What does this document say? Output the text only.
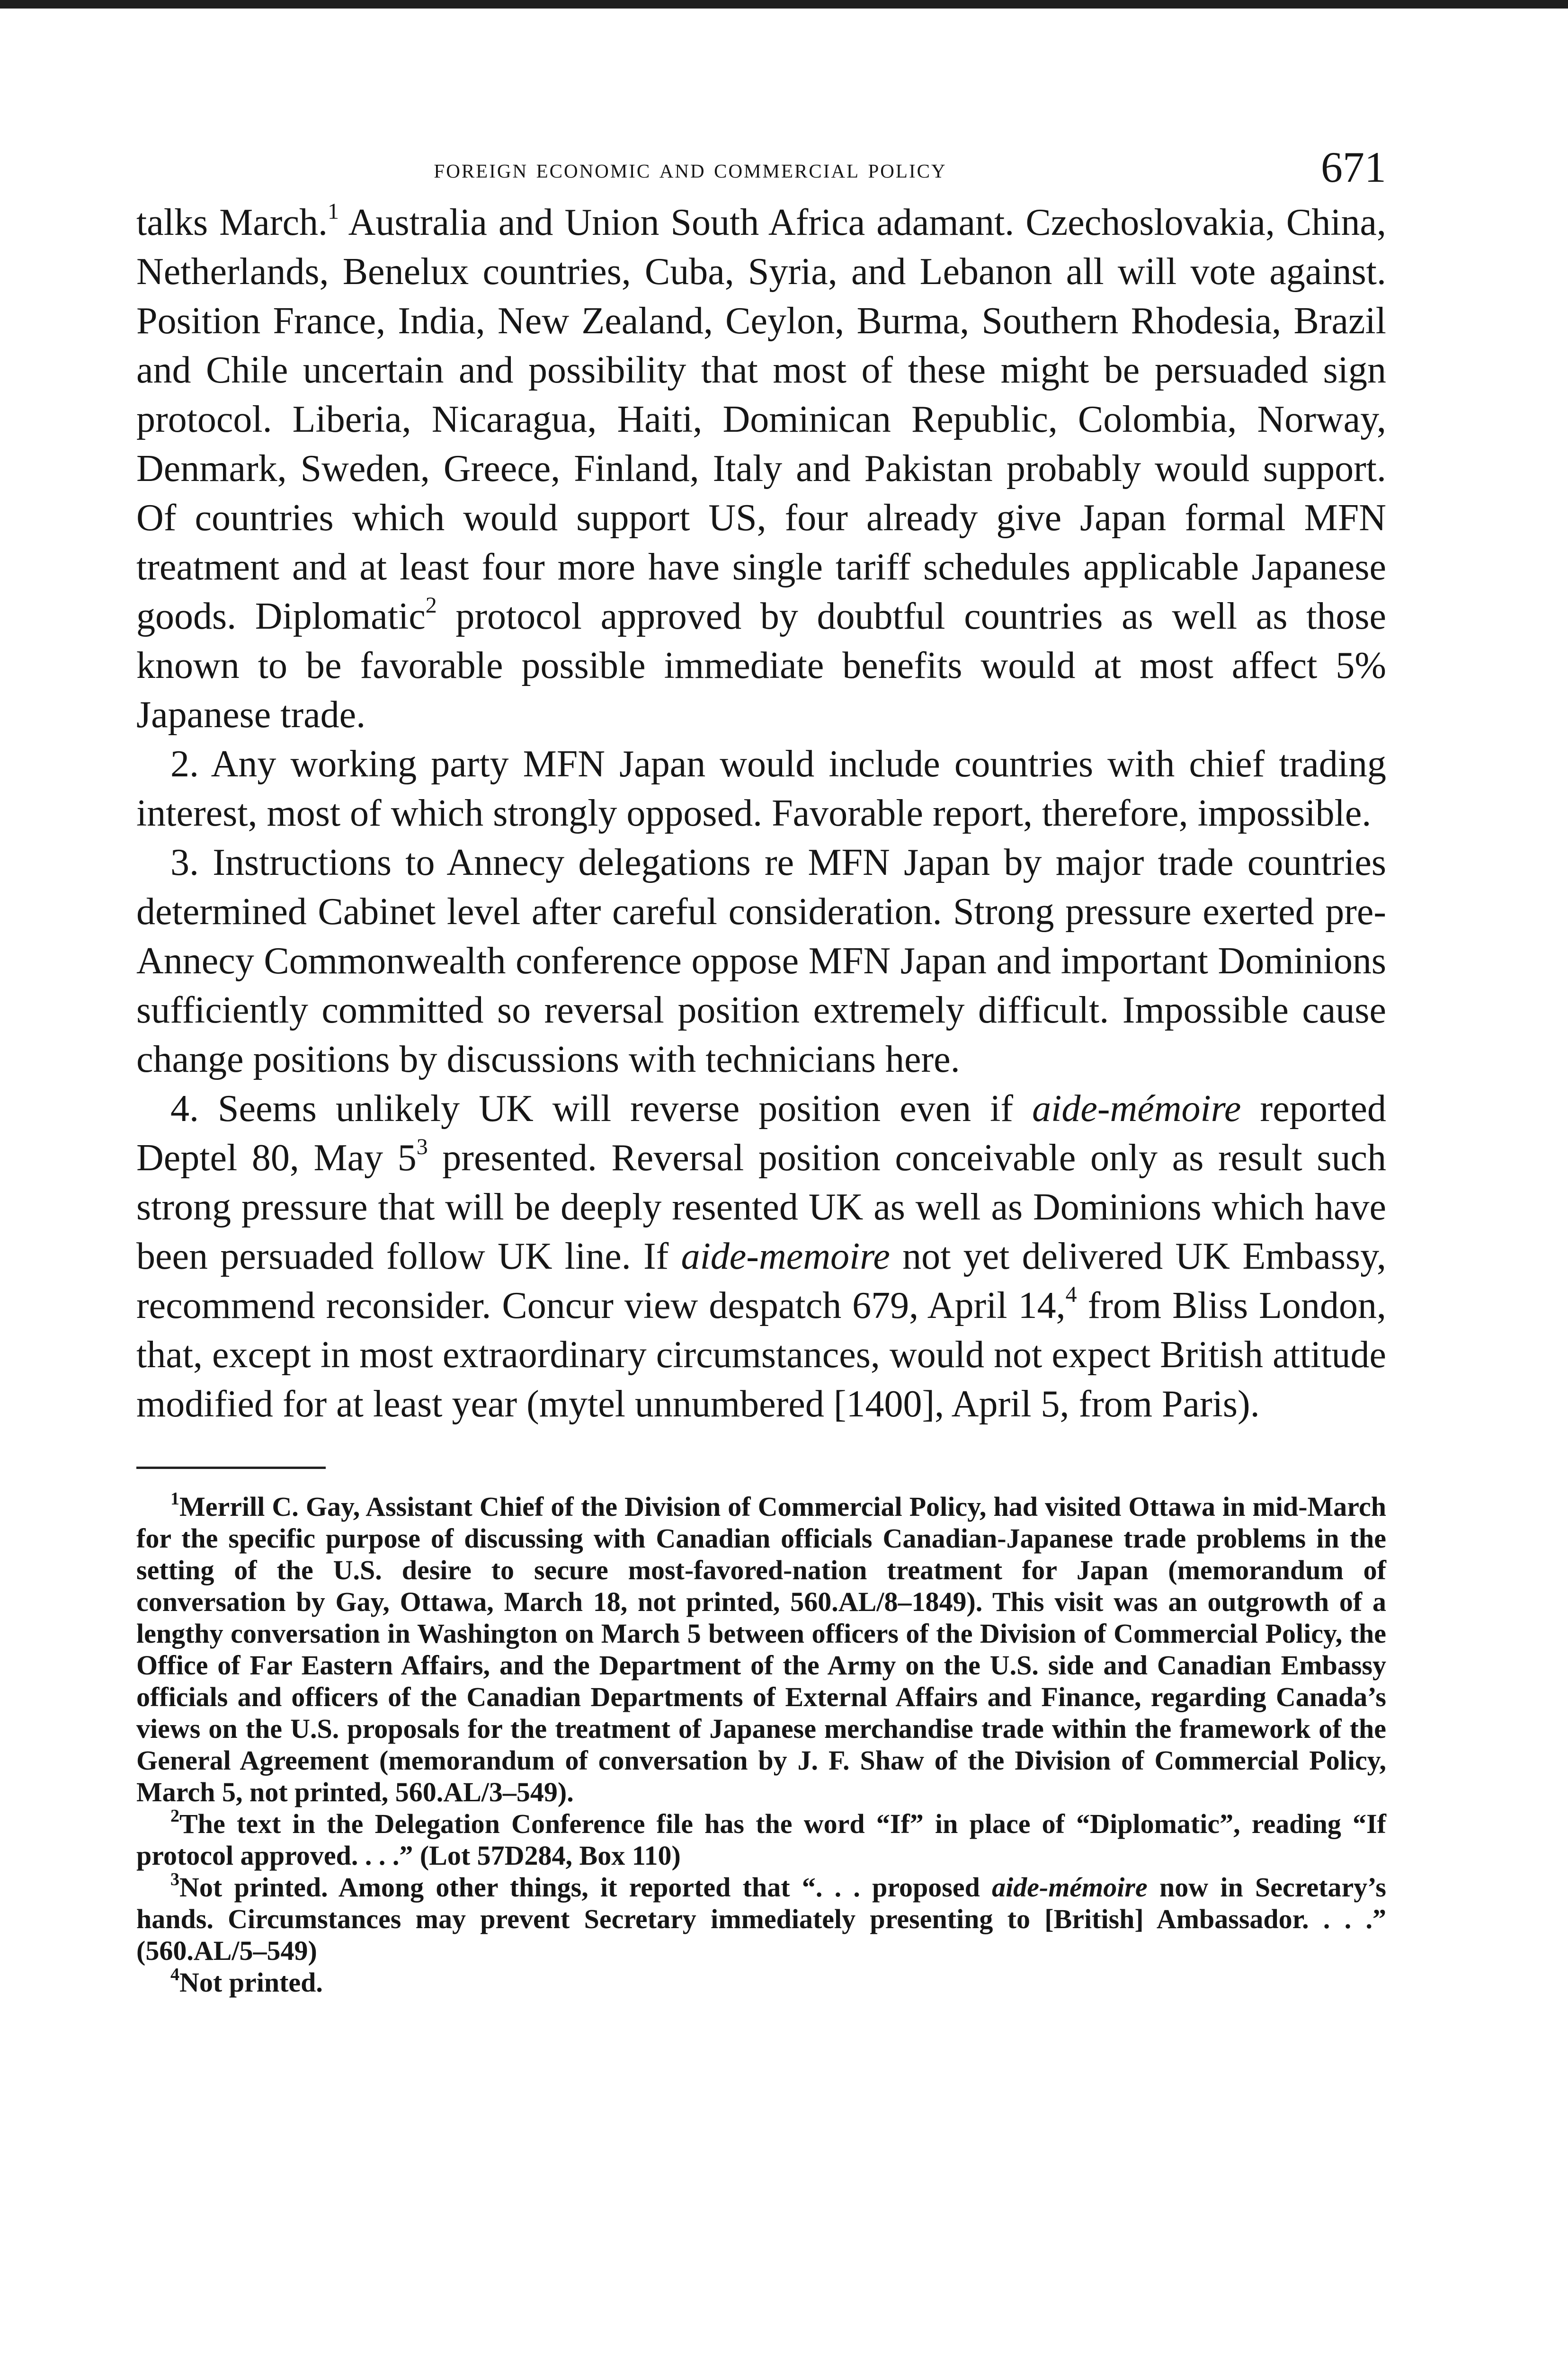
foreign economic and commercial policy	671

talks March.$^1$ Australia and Union South Africa adamant. Czechoslovakia, China, Netherlands, Benelux countries, Cuba, Syria, and Lebanon all will vote against. Position France, India, New Zealand, Ceylon, Burma, Southern Rhodesia, Brazil and Chile uncertain and possibility that most of these might be persuaded sign protocol. Liberia, Nicaragua, Haiti, Dominican Republic, Colombia, Norway, Denmark, Sweden, Greece, Finland, Italy and Pakistan probably would support. Of countries which would support US, four already give Japan formal MFN treatment and at least four more have single tariff schedules applicable Japanese goods. Diplomatic$^2$ protocol approved by doubtful countries as well as those known to be favorable possible immediate benefits would at most affect 5% Japanese trade.

2. Any working party MFN Japan would include countries with chief trading interest, most of which strongly opposed. Favorable report, therefore, impossible.

3. Instructions to Annecy delegations re MFN Japan by major trade countries determined Cabinet level after careful consideration. Strong pressure exerted pre-Annecy Commonwealth conference oppose MFN Japan and important Dominions sufficiently committed so reversal position extremely difficult. Impossible cause change positions by discussions with technicians here.

4. Seems unlikely UK will reverse position even if aide-mémoire reported Deptel 80, May $5^3$ presented. Reversal position conceivable only as result such strong pressure that will be deeply resented UK as well as Dominions which have been persuaded follow UK line. If aide-memoire not yet delivered UK Embassy, recommend reconsider. Concur view despatch 679, April 14,$^4$ from Bliss London, that, except in most extraordinary circumstances, would not expect British attitude modified for at least year (mytel unnumbered [1400], April 5, from Paris).

$^1$Merrill C. Gay, Assistant Chief of the Division of Commercial Policy, had visited Ottawa in mid-March for the specific purpose of discussing with Canadian officials Canadian-Japanese trade problems in the setting of the U.S. desire to secure most-favored-nation treatment for Japan (memorandum of conversation by Gay, Ottawa, March 18, not printed, 560.AL/8–1849). This visit was an outgrowth of a lengthy conversation in Washington on March 5 between officers of the Division of Commercial Policy, the Office of Far Eastern Affairs, and the Department of the Army on the U.S. side and Canadian Embassy officials and officers of the Canadian Departments of External Affairs and Finance, regarding Canada’s views on the U.S. proposals for the treatment of Japanese merchandise trade within the framework of the General Agreement (memorandum of conversation by J. F. Shaw of the Division of Commercial Policy, March 5, not printed, 560.AL/3–549).

$^2$The text in the Delegation Conference file has the word “If” in place of “Diplomatic”, reading “If protocol approved. . . .” (Lot 57D284, Box 110)

$^3$Not printed. Among other things, it reported that “. . . proposed aide-mémoire now in Secretary’s hands. Circumstances may prevent Secretary immediately presenting to [British] Ambassador. . . .” (560.AL/5–549)

$^4$Not printed.
